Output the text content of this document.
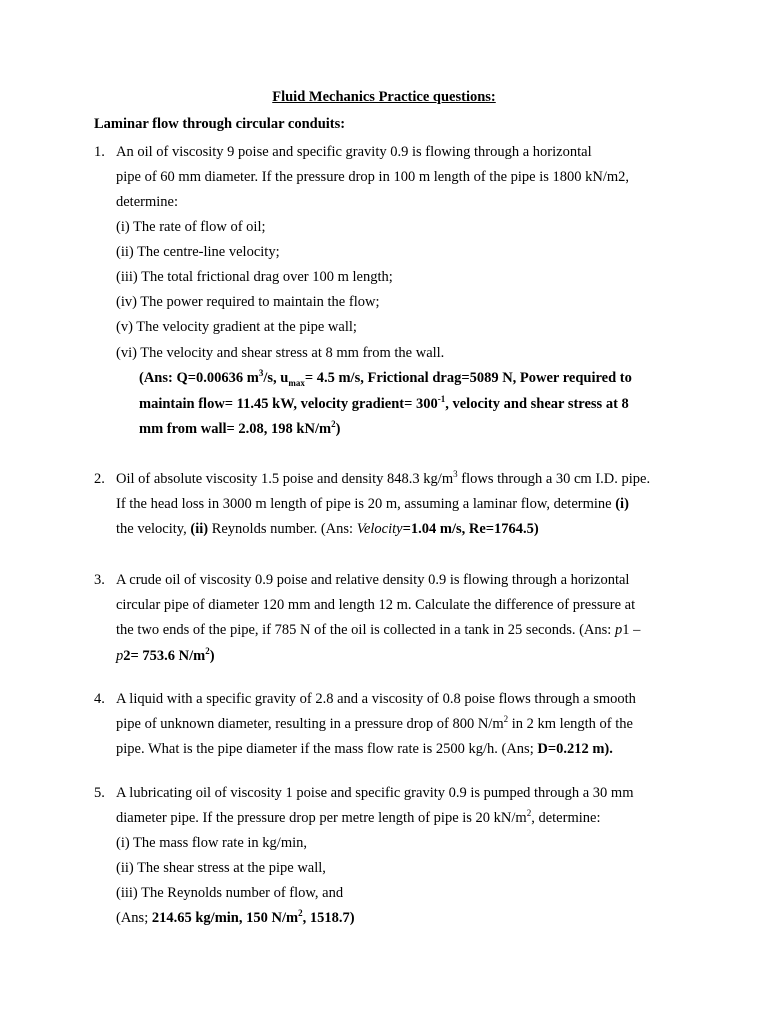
Fluid Mechanics Practice questions:
Laminar flow through circular conduits:
1. An oil of viscosity 9 poise and specific gravity 0.9 is flowing through a horizontal
pipe of 60 mm diameter. If the pressure drop in 100 m length of the pipe is 1800 kN/m2,
determine:
(i) The rate of flow of oil;
(ii) The centre-line velocity;
(iii) The total frictional drag over 100 m length;
(iv) The power required to maintain the flow;
(v) The velocity gradient at the pipe wall;
(vi) The velocity and shear stress at 8 mm from the wall.
(Ans: Q=0.00636 $m^3/s$, $u_{max}= 4.5$ m/s, Frictional drag=5089 N, Power required to
maintain flow= 11.45 kW, velocity gradient= $300^{-1}$, velocity and shear stress at 8
mm from wall= 2.08, 198 $kN/m^2$)
2. Oil of absolute viscosity 1.5 poise and density 848.3 $kg/m^3$ flows through a 30 cm I.D. pipe.
If the head loss in 3000 m length of pipe is 20 m, assuming a laminar flow, determine (i)
the velocity, (ii) Reynolds number. (Ans: Velocity=1.04 m/s, Re=1764.5)
3. A crude oil of viscosity 0.9 poise and relative density 0.9 is flowing through a horizontal
circular pipe of diameter 120 mm and length 12 m. Calculate the difference of pressure at
the two ends of the pipe, if 785 N of the oil is collected in a tank in 25 seconds. (Ans: p1 –
p2= 753.6 $N/m^2$)
4. A liquid with a specific gravity of 2.8 and a viscosity of 0.8 poise flows through a smooth
pipe of unknown diameter, resulting in a pressure drop of 800 $N/m^2$ in 2 km length of the
pipe. What is the pipe diameter if the mass flow rate is 2500 kg/h. (Ans; D=0.212 m).
5. A lubricating oil of viscosity 1 poise and specific gravity 0.9 is pumped through a 30 mm
diameter pipe. If the pressure drop per metre length of pipe is 20 $kN/m^2$, determine:
(i) The mass flow rate in kg/min,
(ii) The shear stress at the pipe wall,
(iii) The Reynolds number of flow, and
(Ans; 214.65 kg/min, 150 $N/m^2$, 1518.7)
